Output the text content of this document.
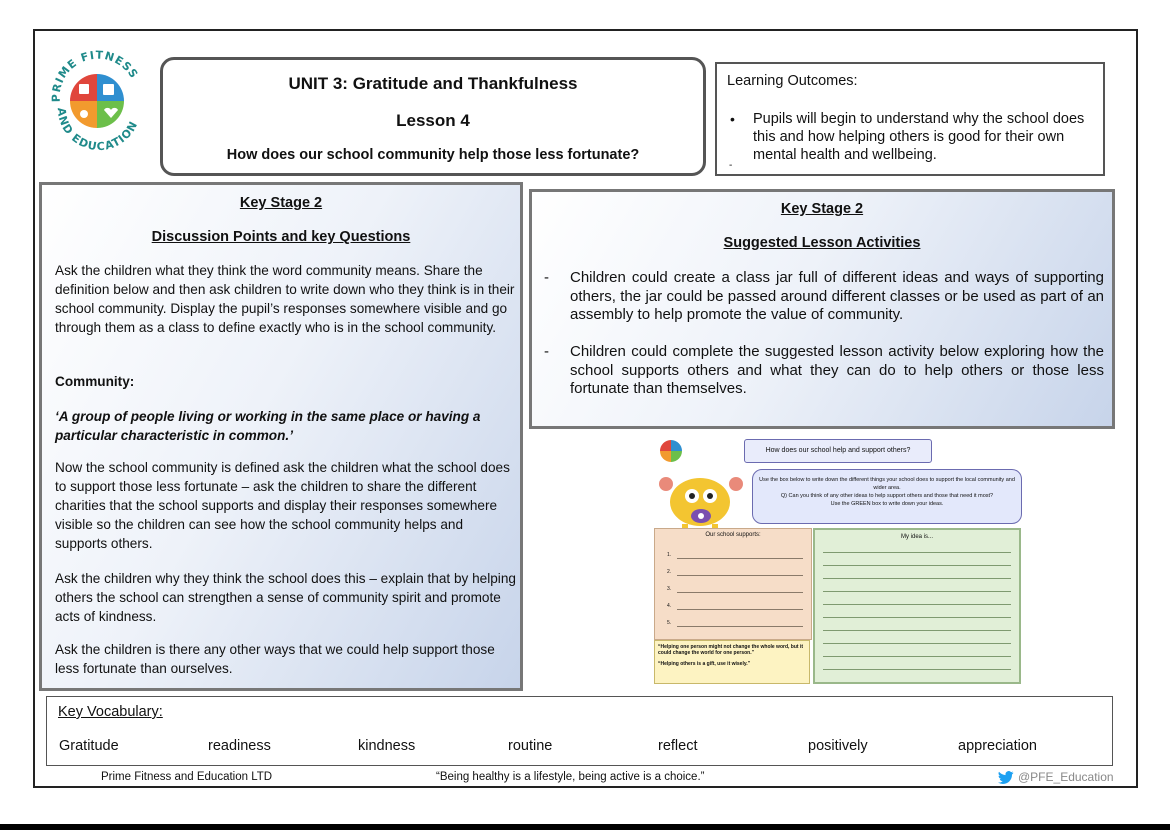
PRIME FITNESS
AND EDUCATION
UNIT 3: Gratitude and Thankfulness
Lesson 4
How does our school community help those less fortunate?
Learning Outcomes:
• Pupils will begin to understand why the school does this and how helping others is good for their own mental health and wellbeing.
-
Key Stage 2
Discussion Points and key Questions
Ask the children what they think the word community means. Share the definition below and then ask children to write down who they think is in their school community. Display the pupil’s responses somewhere visible and go through them as a class to define exactly who is in the school community.
Community:
‘A group of people living or working in the same place or having a particular characteristic in common.’
Now the school community is defined ask the children what the school does to support those less fortunate – ask the children to share the different charities that the school supports and display their responses somewhere visible so the children can see how the school community helps and supports others.
Ask the children why they think the school does this – explain that by helping others the school can strengthen a sense of community spirit and promote acts of kindness.
Ask the children is there any other ways that we could help support those less fortunate than ourselves.
Key Stage 2
Suggested Lesson Activities
- Children could create a class jar full of different ideas and ways of supporting others, the jar could be passed around different classes or be used as part of an assembly to help promote the value of community.
- Children could complete the suggested lesson activity below exploring how the school supports others and what they can do to help others or those less fortunate than themselves.
How does our school help and support others?
Use the box below to write down the different things your school does to support the local community and wider area.
Q) Can you think of any other ideas to help support others and those that need it most?
Use the GREEN box to write down your ideas.
Our school supports:
1.
2.
3.
4.
5.
My idea is...
“Helping one person might not change the whole word, but it could change the world for one person.”
“Helping others is a gift, use it wisely.”
Key Vocabulary:
Gratitude	readiness	kindness	routine	reflect	positively	appreciation
Prime Fitness and Education LTD	“Being healthy is a lifestyle, being active is a choice.”	@PFE_Education
